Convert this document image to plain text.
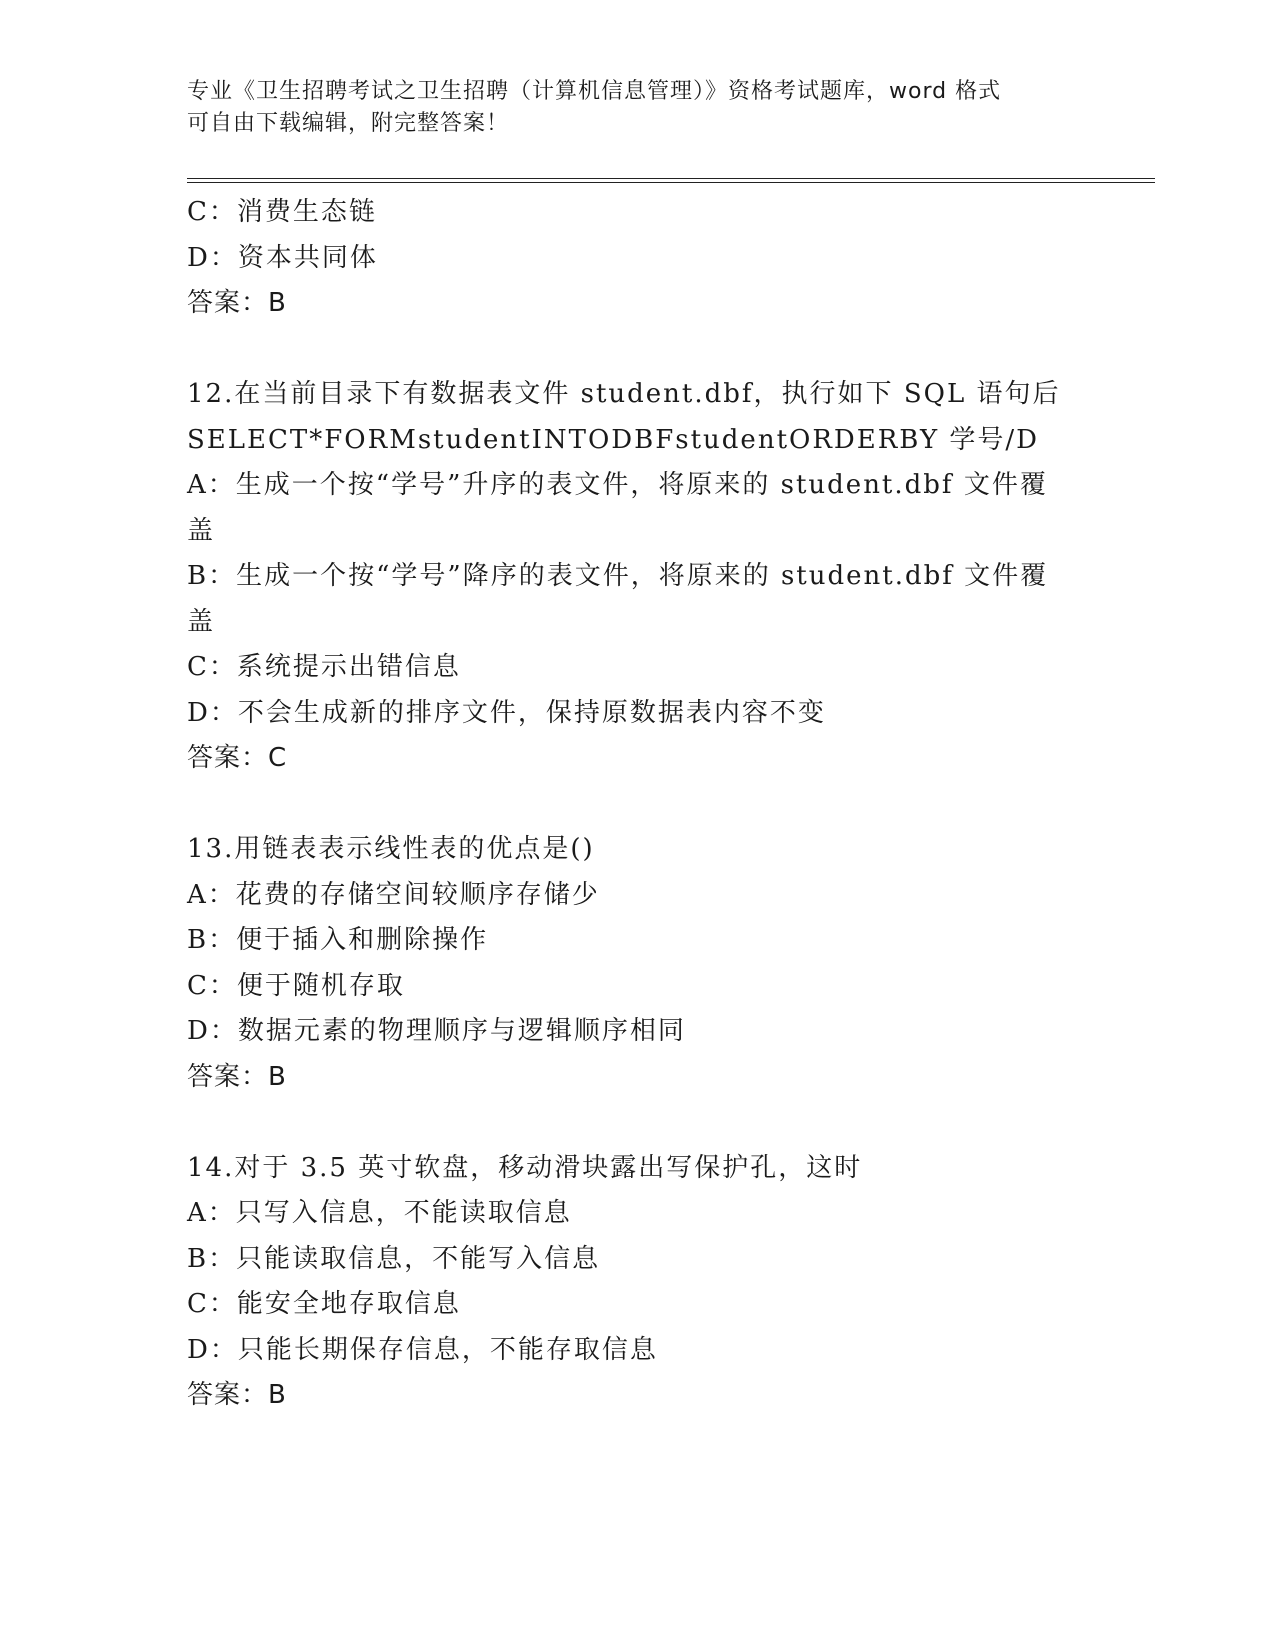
专业《卫生招聘考试之卫生招聘（计算机信息管理）》资格考试题库，word 格式
可自由下载编辑，附完整答案！
C：消费生态链
D：资本共同体
答案：B
12.在当前目录下有数据表文件 student.dbf，执行如下 SQL 语句后
SELECT*FORMstudentINTODBFstudentORDERBY 学号/D
A：生成一个按“学号”升序的表文件，将原来的 student.dbf 文件覆
盖
B：生成一个按“学号”降序的表文件，将原来的 student.dbf 文件覆
盖
C：系统提示出错信息
D：不会生成新的排序文件，保持原数据表内容不变
答案：C
13.用链表表示线性表的优点是()
A：花费的存储空间较顺序存储少
B：便于插入和删除操作
C：便于随机存取
D：数据元素的物理顺序与逻辑顺序相同
答案：B
14.对于 3.5 英寸软盘，移动滑块露出写保护孔，这时
A：只写入信息，不能读取信息
B：只能读取信息，不能写入信息
C：能安全地存取信息
D：只能长期保存信息，不能存取信息
答案：B
